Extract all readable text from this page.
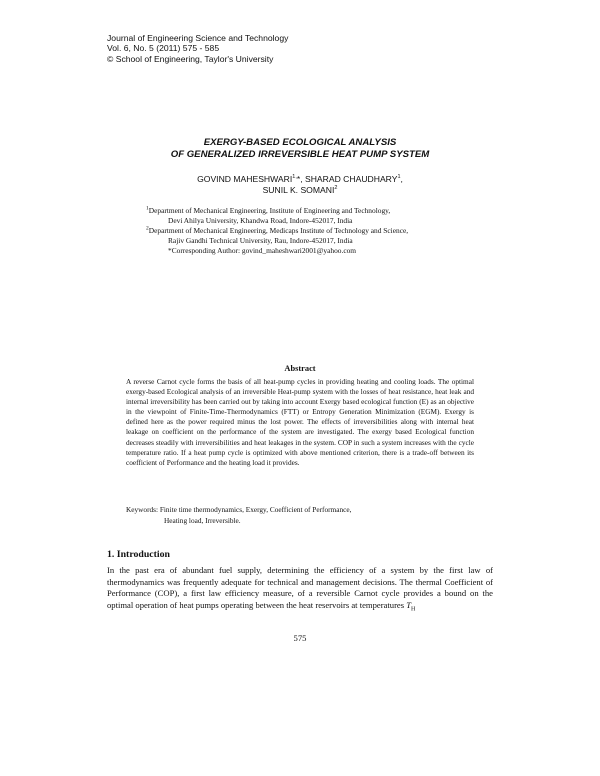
Journal of Engineering Science and Technology
Vol. 6, No. 5 (2011) 575 - 585
© School of Engineering, Taylor's University
EXERGY-BASED ECOLOGICAL ANALYSIS
OF GENERALIZED IRREVERSIBLE HEAT PUMP SYSTEM
GOVIND $MAHESHWARI^{1,}*$, SHARAD CHAUDHARY$^1$,
SUNIL K. SOMANI$^2$
$^1$Department of Mechanical Engineering, Institute of Engineering and Technology,
Devi Ahilya University, Khandwa Road, Indore-452017, India
$^2$Department of Mechanical Engineering, Medicaps Institute of Technology and Science,
Rajiv Gandhi Technical University, Rau, Indore-452017, India
*Corresponding Author: govind_maheshwari2001@yahoo.com
Abstract

A reverse Carnot cycle forms the basis of all heat-pump cycles in providing heating and cooling loads. The optimal exergy-based Ecological analysis of an irreversible Heat-pump system with the losses of heat resistance, heat leak and internal irreversibility has been carried out by taking into account Exergy based ecological function (E) as an objective in the viewpoint of Finite-Time-Thermodynamics (FTT) or Entropy Generation Minimization (EGM). Exergy is defined here as the power required minus the lost power. The effects of irreversibilities along with internal heat leakage on coefficient on the performance of the system are investigated. The exergy based Ecological function decreases steadily with irreversibilities and heat leakages in the system. COP in such a system increases with the cycle temperature ratio. If a heat pump cycle is optimized with above mentioned criterion, there is a trade-off between its coefficient of Performance and the heating load it provides.

Keywords: Finite time thermodynamics, Exergy, Coefficient of Performance,
Heating load, Irreversible.
1. Introduction

In the past era of abundant fuel supply, determining the efficiency of a system by the first law of thermodynamics was frequently adequate for technical and management decisions. The thermal Coefficient of Performance (COP), a first law efficiency measure, of a reversible Carnot cycle provides a bound on the optimal operation of heat pumps operating between the heat reservoirs at temperatures $T_H$

575
